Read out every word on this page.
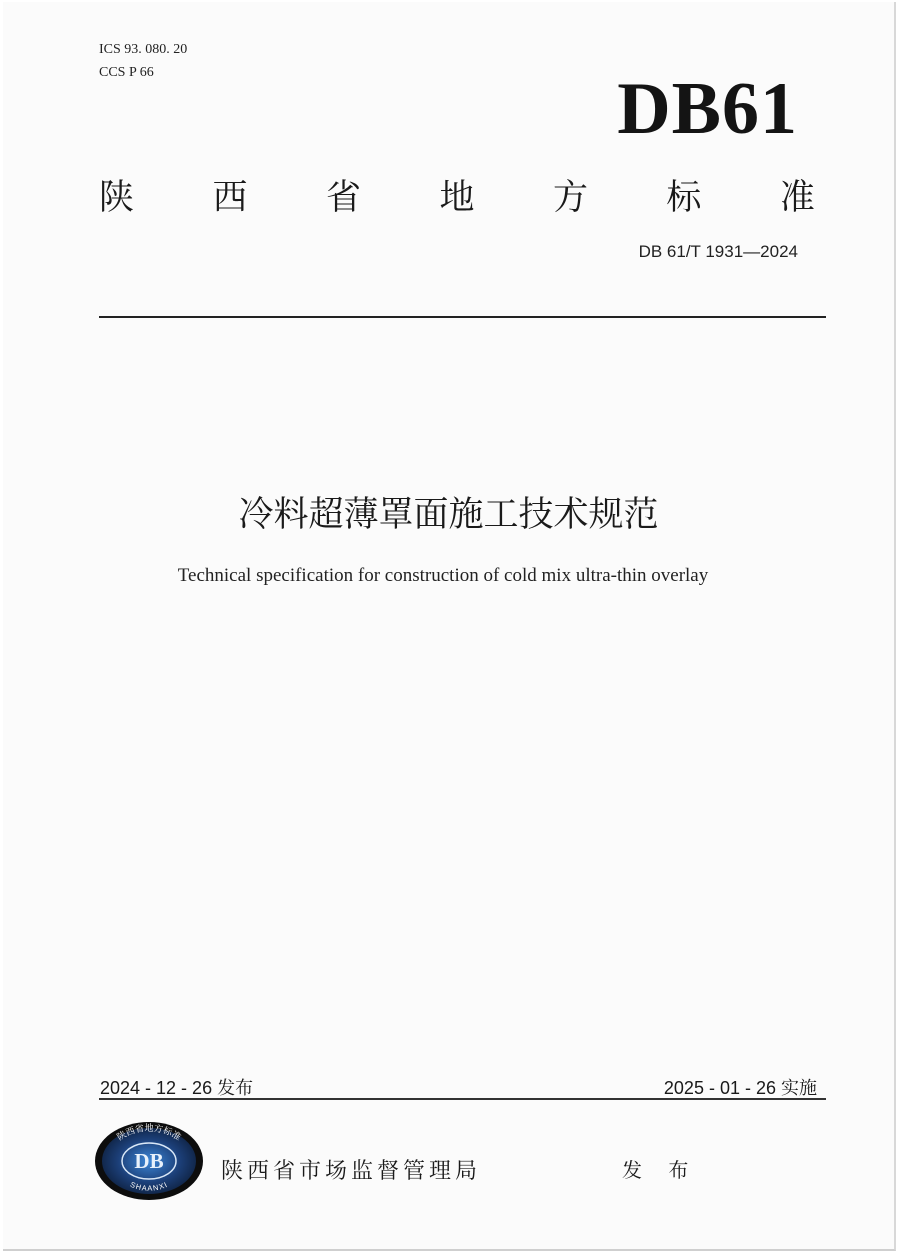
ICS 93. 080. 20
CCS P 66	DB61
陕 西 省 地 方 标 准
DB 61/T 1931—2024
冷料超薄罩面施工技术规范
Technical specification for construction of cold mix ultra-thin overlay
2024 - 12 - 26 发布	2025 - 01 - 26 实施
陕西省地方标准
DB
SHAANXI
陕西省市场监督管理局	发 布
